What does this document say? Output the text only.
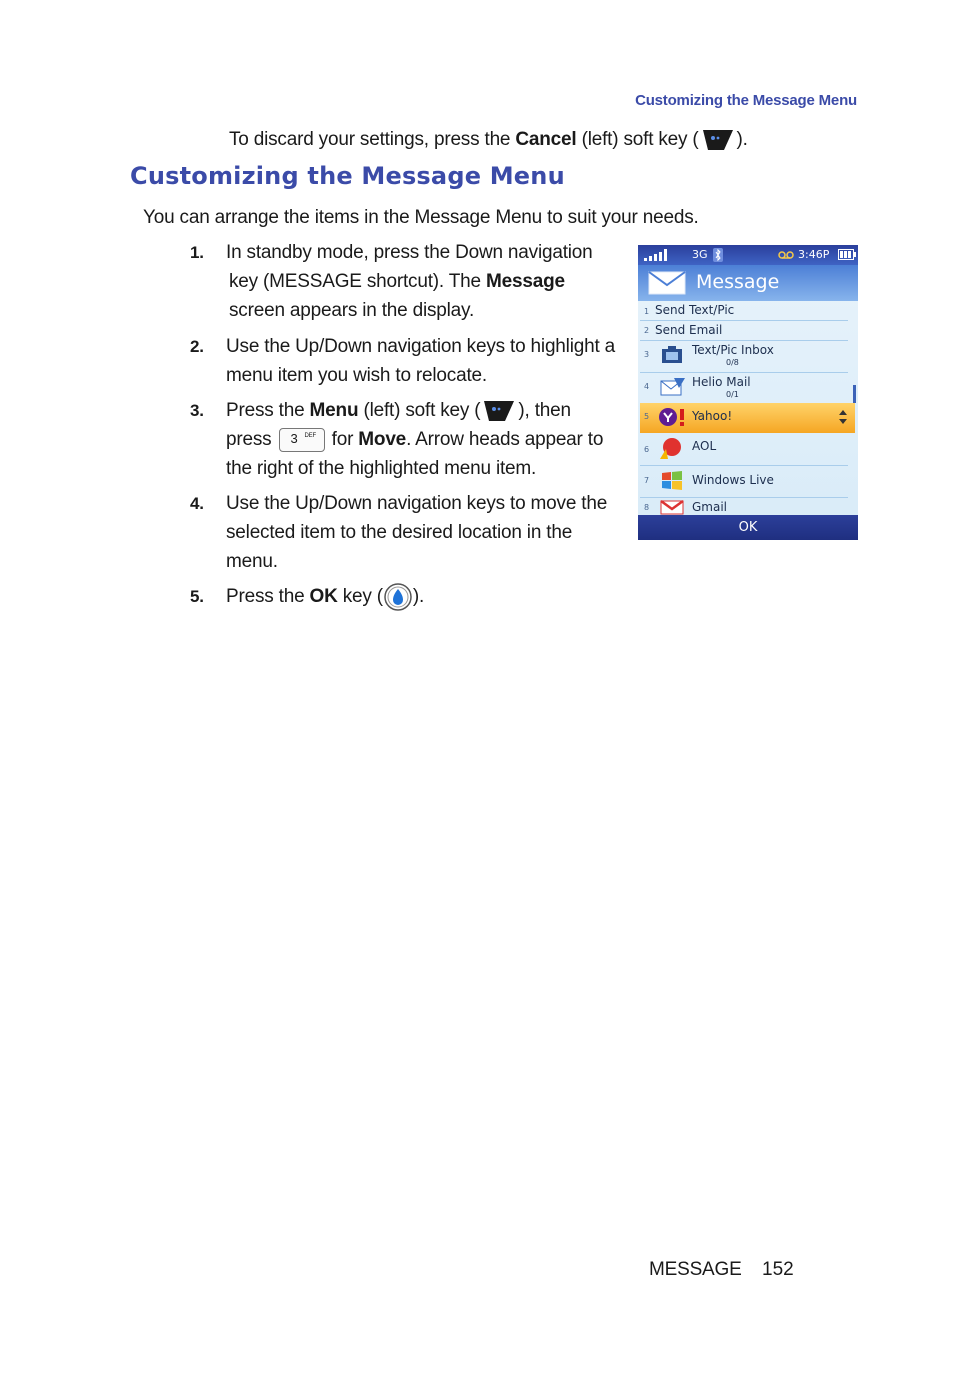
Customizing the Message Menu
To discard your settings, press the Cancel (left) soft key ( ).
Customizing the Message Menu
You can arrange the items in the Message Menu to suit your needs.
1. In standby mode, press the Down navigation
key (MESSAGE shortcut). The Message
screen appears in the display.
2. Use the Up/Down navigation keys to highlight a menu item you wish to relocate.
3. Press the Menu (left) soft key ( ), then
press 3 DEF for Move. Arrow heads appear to the right of the highlighted menu item.
4. Use the Up/Down navigation keys to move the selected item to the desired location in the menu.
5. Press the OK key ( ).
3G	3:46P
Message
1 Send Text/Pic
2 Send Email
3	Text/Pic Inbox
0/8
4	Helio Mail
0/1
5	Yahoo!
6	AOL
7	Windows Live
8	Gmail
OK
MESSAGE 152
